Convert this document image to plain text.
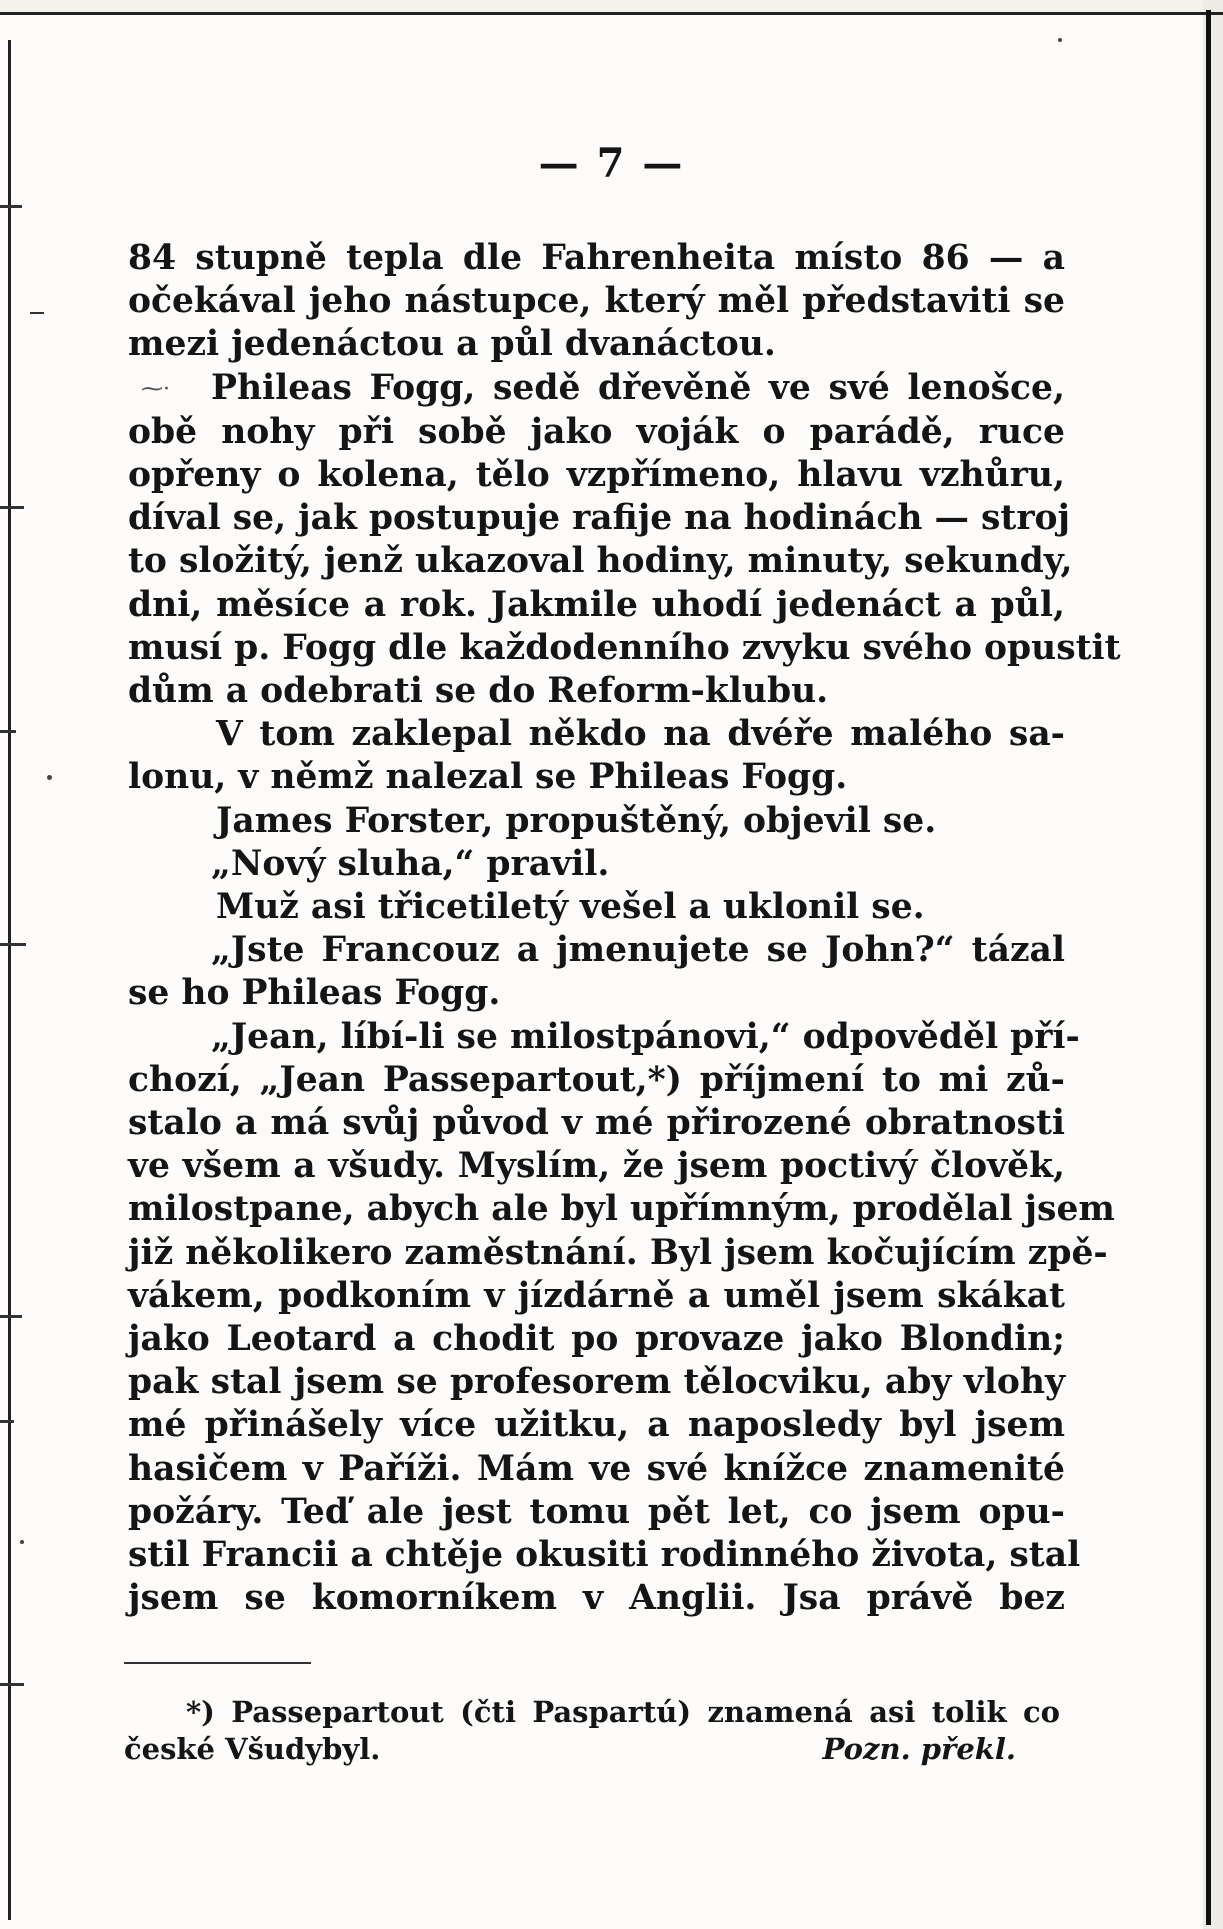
— 7 —
84 stupně tepla dle Fahrenheita místo 86 — a
očekával jeho nástupce, který měl představiti se
mezi jedenáctou a půl dvanáctou.
⁓· Phileas Fogg, sedě dřevěně ve své lenošce,
obě nohy při sobě jako voják o parádě, ruce
opřeny o kolena, tělo vzpřímeno, hlavu vzhůru,
díval se, jak postupuje rafije na hodinách — stroj
to složitý, jenž ukazoval hodiny, minuty, sekundy,
dni, měsíce a rok. Jakmile uhodí jedenáct a půl,
musí p. Fogg dle každodenního zvyku svého opustit
dům a odebrati se do Reform-klubu.
V tom zaklepal někdo na dvéře malého sa-
lonu, v němž nalezal se Phileas Fogg.
James Forster, propuštěný, objevil se.
„Nový sluha,“ pravil.
Muž asi třicetiletý vešel a uklonil se.
„Jste Francouz a jmenujete se John?“ tázal
se ho Phileas Fogg.
„Jean, líbí-li se milostpánovi,“ odpověděl pří-
chozí, „Jean Passepartout,*) příjmení to mi zů-
stalo a má svůj původ v mé přirozené obratnosti
ve všem a všudy. Myslím, že jsem poctivý člověk,
milostpane, abych ale byl upřímným, prodělal jsem
již několikero zaměstnání. Byl jsem kočujícím zpě-
vákem, podkoním v jízdárně a uměl jsem skákat
jako Leotard a chodit po provaze jako Blondin;
pak stal jsem se profesorem tělocviku, aby vlohy
mé přinášely více užitku, a naposledy byl jsem
hasičem v Paříži. Mám ve své knížce znamenité
požáry. Teď ale jest tomu pět let, co jsem opu-
stil Francii a chtěje okusiti rodinného života, stal
jsem se komorníkem v Anglii. Jsa právě bez
*) Passepartout (čti Paspartú) znamená asi tolik co
české Všudybyl.	Pozn. překl.
